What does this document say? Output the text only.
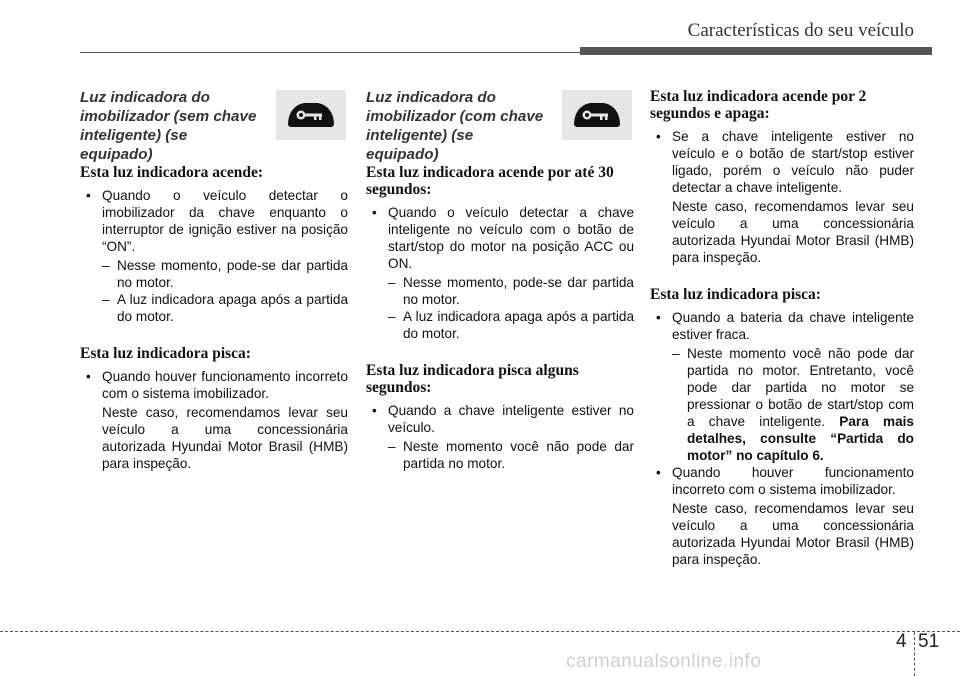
Características do seu veículo
Luz indicadora do imobilizador (sem chave inteligente) (se equipado)
Esta luz indicadora acende:
• Quando o veículo detectar o imobilizador da chave enquanto o interruptor de ignição estiver na posição “ON”.
– Nesse momento, pode-se dar partida no motor.
– A luz indicadora apaga após a partida do motor.
Esta luz indicadora pisca:
• Quando houver funcionamento incorreto com o sistema imobilizador.
Neste caso, recomendamos levar seu veículo a uma concessionária autorizada Hyundai Motor Brasil (HMB) para inspeção.
Luz indicadora do imobilizador (com chave inteligente) (se equipado)
Esta luz indicadora acende por até 30 segundos:
• Quando o veículo detectar a chave inteligente no veículo com o botão de start/stop do motor na posição ACC ou ON.
– Nesse momento, pode-se dar partida no motor.
– A luz indicadora apaga após a partida do motor.
Esta luz indicadora pisca alguns segundos:
• Quando a chave inteligente estiver no veículo.
– Neste momento você não pode dar partida no motor.
Esta luz indicadora acende por 2 segundos e apaga:
• Se a chave inteligente estiver no veículo e o botão de start/stop estiver ligado, porém o veículo não puder detectar a chave inteligente.
Neste caso, recomendamos levar seu veículo a uma concessionária autorizada Hyundai Motor Brasil (HMB) para inspeção.
Esta luz indicadora pisca:
• Quando a bateria da chave inteligente estiver fraca.
– Neste momento você não pode dar partida no motor. Entretanto, você pode dar partida no motor se pressionar o botão de start/stop com a chave inteligente. Para mais detalhes, consulte “Partida do motor” no capítulo 6.
• Quando houver funcionamento incorreto com o sistema imobilizador.
Neste caso, recomendamos levar seu veículo a uma concessionária autorizada Hyundai Motor Brasil (HMB) para inspeção.
4 51
carmanualsonline.info
